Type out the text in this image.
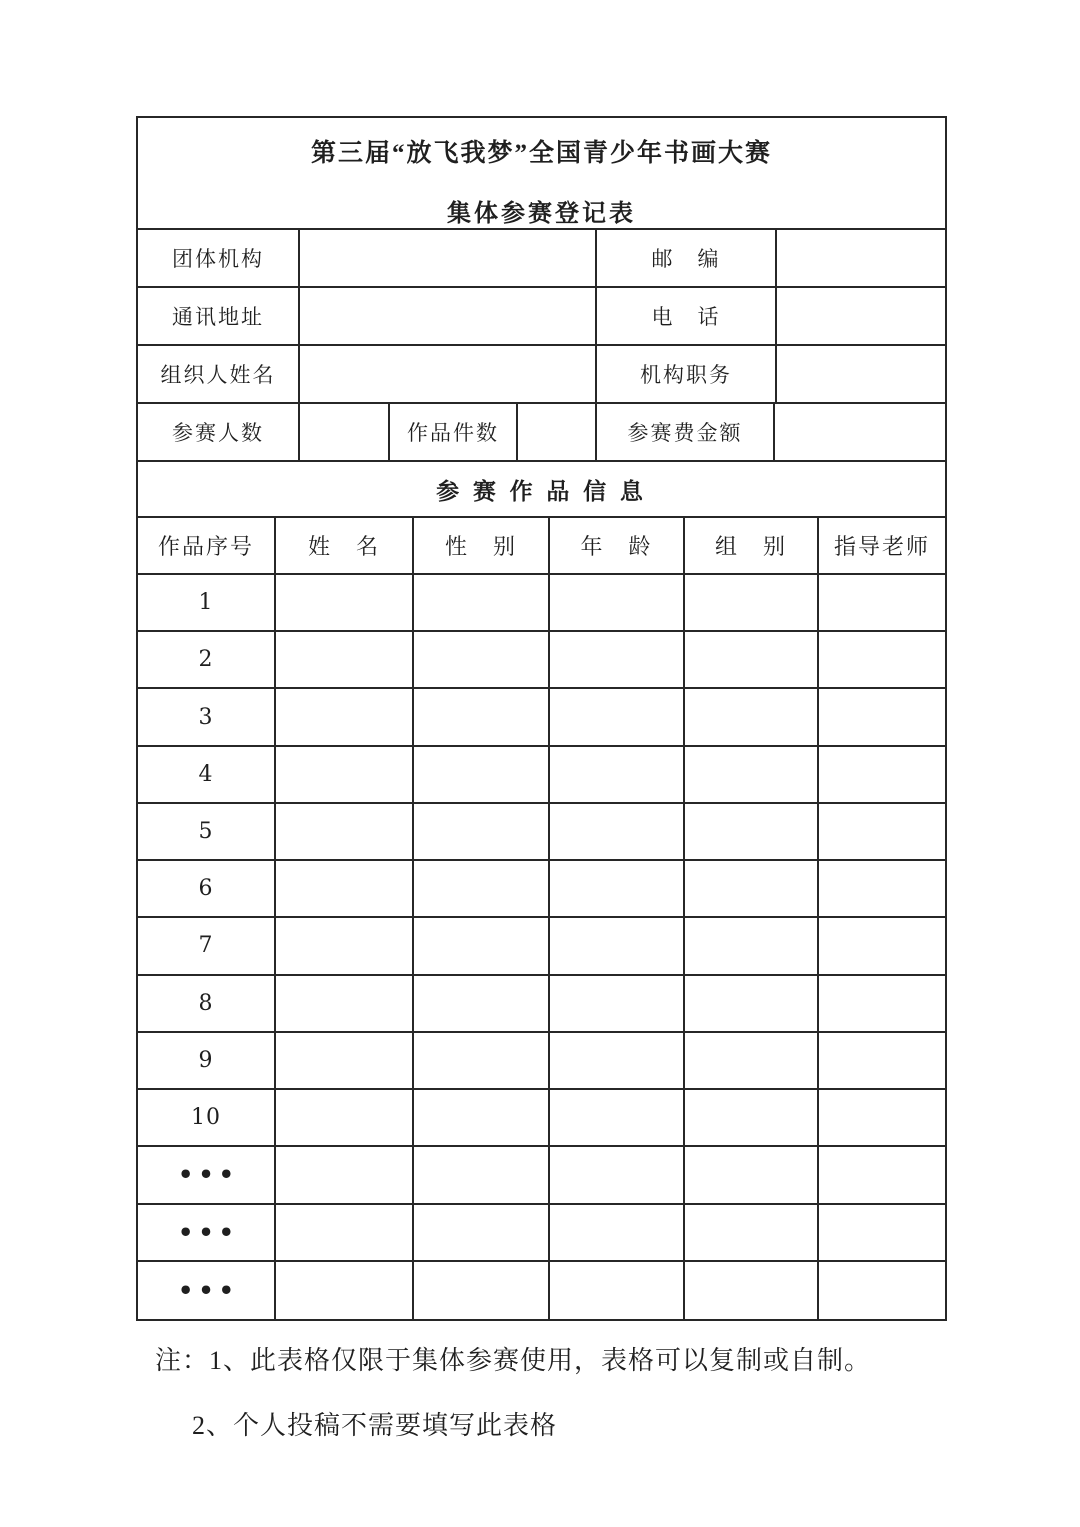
第三届“放飞我梦”全国青少年书画大赛
集体参赛登记表
团体机构	邮　编
通讯地址	电　话
组织人姓名	机构职务
参赛人数	作品件数	参赛费金额
参 赛 作 品 信 息
作品序号	姓　名	性　别	年　龄	组　别	指导老师
1
2
3
4
5
6
7
8
9
10
•••
•••
•••
注：1、此表格仅限于集体参赛使用，表格可以复制或自制。
2、个人投稿不需要填写此表格
